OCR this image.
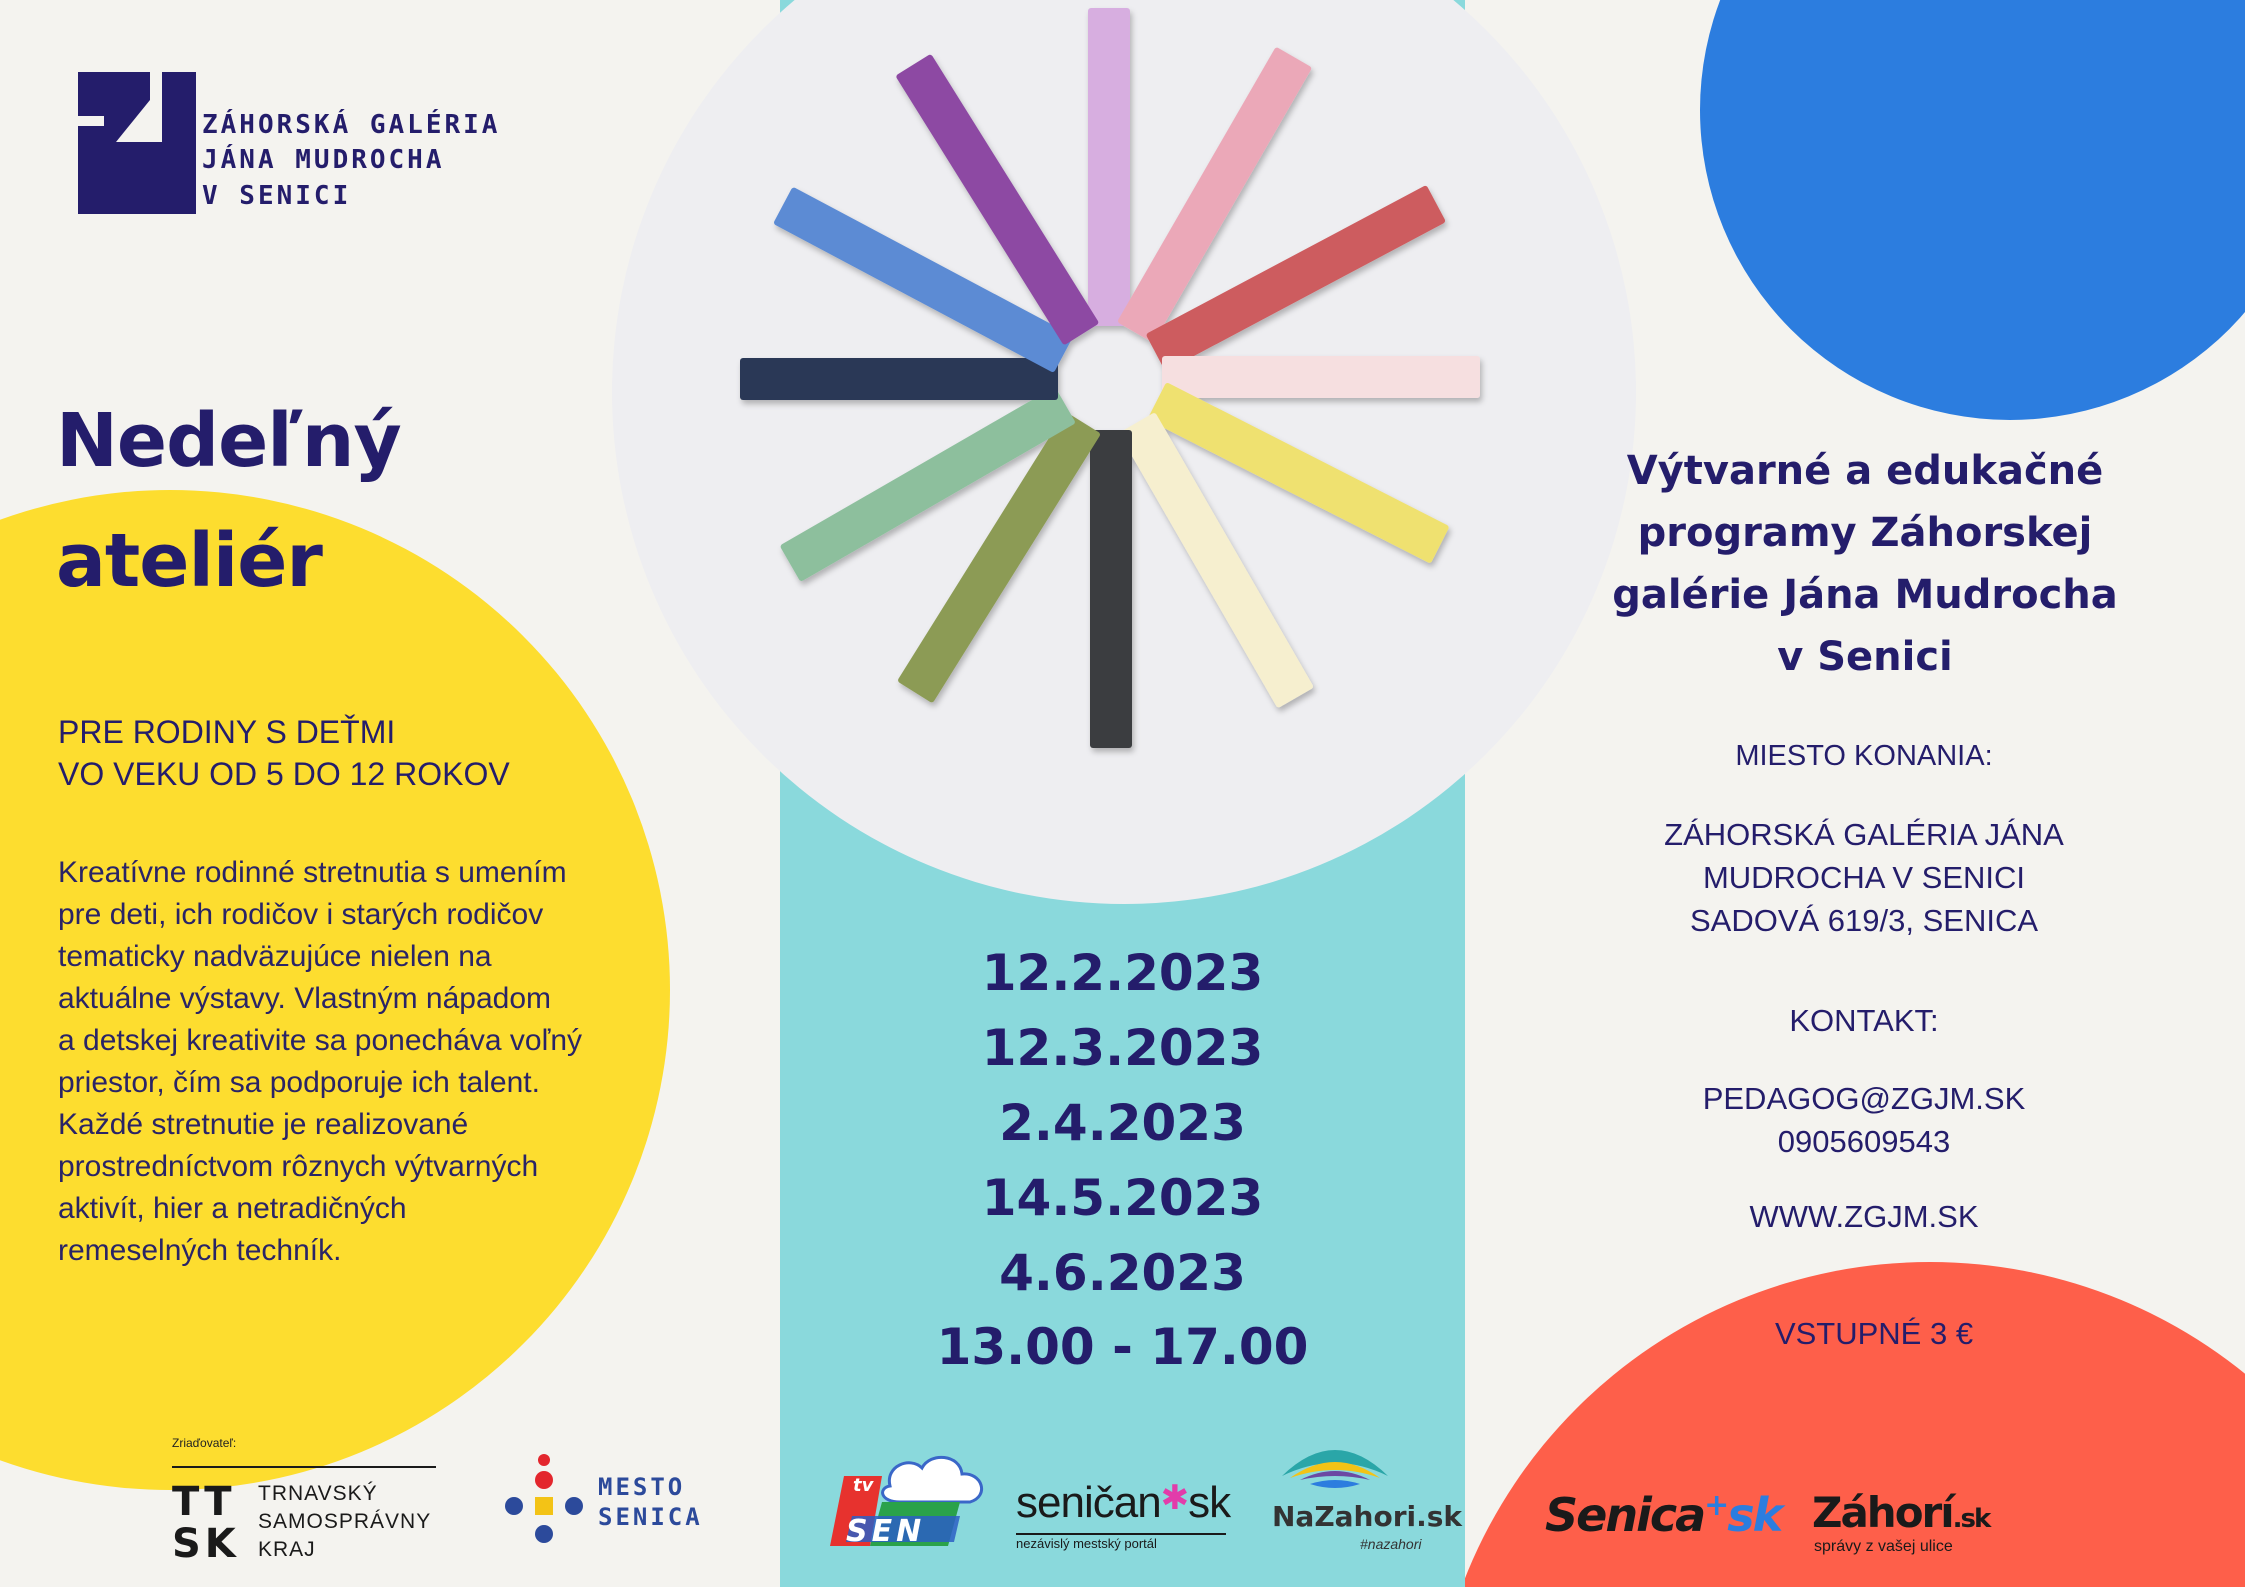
ZÁHORSKÁ GALÉRIA
JÁNA MUDROCHA
V SENICI
Nedeľný
ateliér
PRE RODINY S DEŤMI
VO VEKU OD 5 DO 12 ROKOV

Kreatívne rodinné stretnutia s umením

pre deti, ich rodičov i starých rodičov

tematicky nadväzujúce nielen na

aktuálne výstavy. Vlastným nápadom

a detskej kreativite sa ponecháva voľný

priestor, čím sa podporuje ich talent.

Každé stretnutie je realizované

prostredníctvom rôznych výtvarných

aktivít, hier a netradičných

remeselných techník.

12.2.2023
12.3.2023
2.4.2023
14.5.2023
4.6.2023
13.00 - 17.00
Výtvarné a edukačné
programy Záhorskej
galérie Jána Mudrocha
v Senici
MIESTO KONANIA:
ZÁHORSKÁ GALÉRIA JÁNA
MUDROCHA V SENICI
SADOVÁ 619/3, SENICA
KONTAKT:
PEDAGOG@ZGJM.SK
0905609543
WWW.ZGJM.SK
VSTUPNÉ 3 €
Zriaďovateľ:
TT
SK
TRNAVSKÝ
SAMOSPRÁVNY
KRAJ
MESTO
SENICA
tv
SEN
seničan✱sk
nezávislý mestský portál
NaZahori.sk
#nazahori
Senica+sk Záhorí.sk
správy z vašej ulice
